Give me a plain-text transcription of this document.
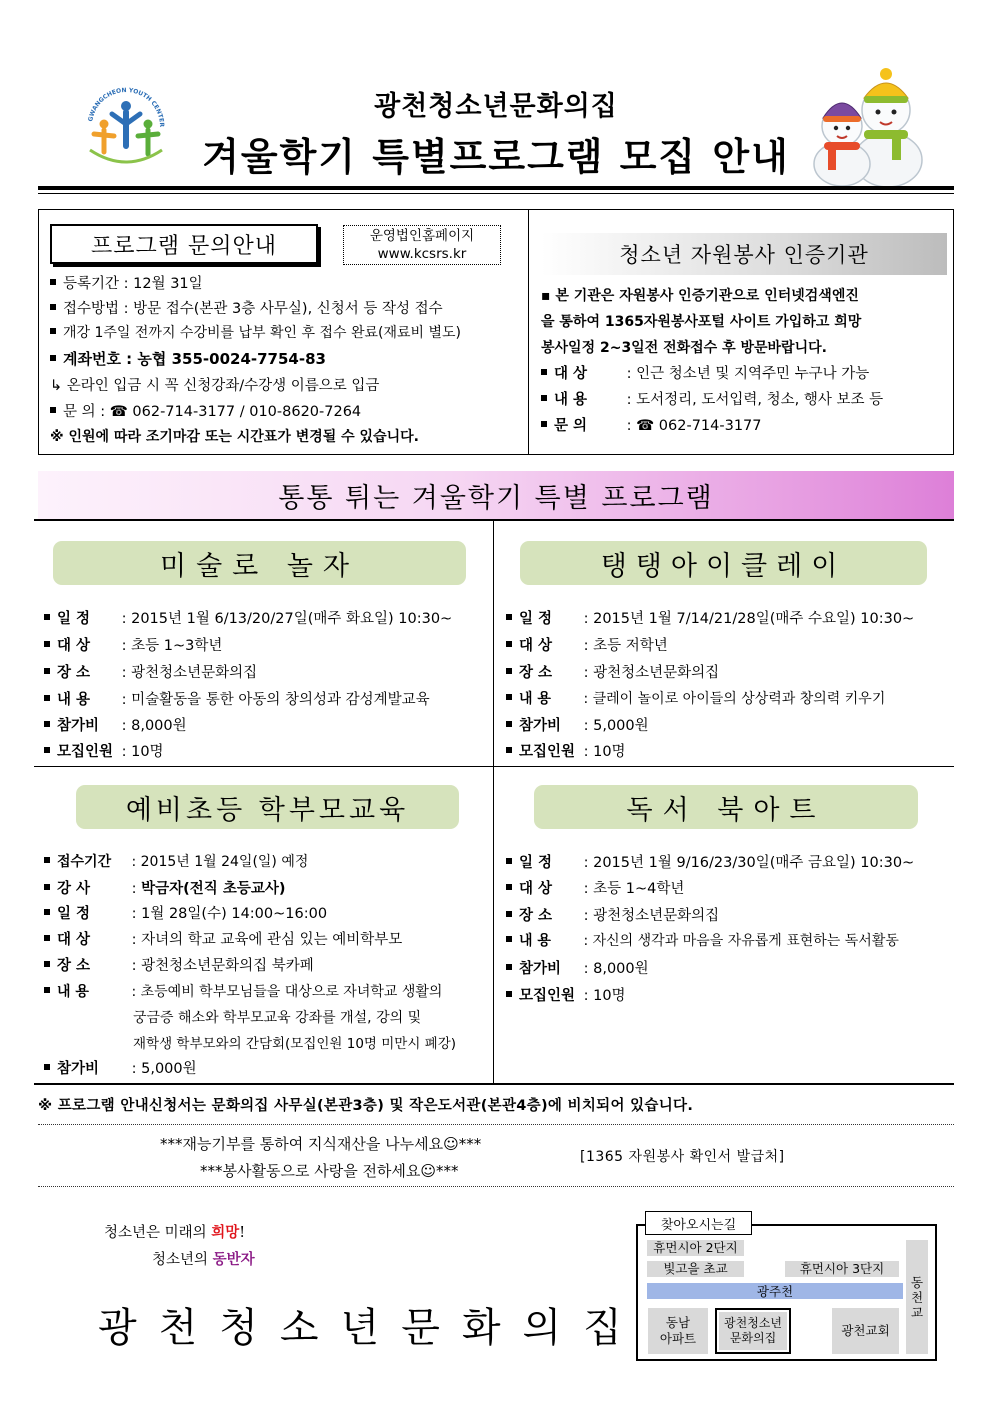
GWANGCHEON YOUTH CENTER
광천청소년문화의집
겨울학기 특별프로그램 모집 안내
프로그램 문의안내	운영법인홈페이지
www.kcsrs.kr
등록기간 : 12월 31일
접수방법 : 방문 접수(본관 3층 사무실), 신청서 등 작성 접수
개강 1주일 전까지 수강비를 납부 확인 후 접수 완료(재료비 별도)
계좌번호 : 농협 355-0024-7754-83
↳ 온라인 입금 시 꼭 신청강좌/수강생 이름으로 입금
문 의 : ☎ 062-714-3177 / 010-8620-7264
※ 인원에 따라 조기마감 또는 시간표가 변경될 수 있습니다.
청소년 자원봉사 인증기관
▪ 본 기관은 자원봉사 인증기관으로 인터넷검색엔진
을 통하여 1365자원봉사포털 사이트 가입하고 희망
봉사일정 2~3일전 전화접수 후 방문바랍니다.
대 상 : 인근 청소년 및 지역주민 누구나 가능
내 용 : 도서정리, 도서입력, 청소, 행사 보조 등
문 의 : ☎ 062-714-3177
통통 튀는 겨울학기 특별 프로그램
미술로 놀자	탱탱아이클레이
예비초등 학부모교육	독서 북아트
일 정 : 2015년 1월 6/13/20/27일(매주 화요일) 10:30~
대 상 : 초등 1~3학년
장 소 : 광천청소년문화의집
내 용 : 미술활동을 통한 아동의 창의성과 감성계발교육
참가비 : 8,000원
모집인원 : 10명
일 정 : 2015년 1월 7/14/21/28일(매주 수요일) 10:30~
대 상 : 초등 저학년
장 소 : 광천청소년문화의집
내 용 : 클레이 놀이로 아이들의 상상력과 창의력 키우기
참가비 : 5,000원
모집인원 : 10명
접수기간 : 2015년 1월 24일(일) 예정
강 사	: 박금자(전직 초등교사)
일 정	: 1월 28일(수) 14:00~16:00
대 상	: 자녀의 학교 교육에 관심 있는 예비학부모
장 소	: 광천청소년문화의집 북카페
내 용	: 초등예비 학부모님들을 대상으로 자녀학교 생활의
궁금증 해소와 학부모교육 강좌를 개설, 강의 및
재학생 학부모와의 간담회(모집인원 10명 미만시 폐강)
참가비 : 5,000원
일 정 : 2015년 1월 9/16/23/30일(매주 금요일) 10:30~
대 상 : 초등 1~4학년
장 소 : 광천청소년문화의집
내 용 : 자신의 생각과 마음을 자유롭게 표현하는 독서활동
참가비 : 8,000원
모집인원 : 10명
※ 프로그램 안내신청서는 문화의집 사무실(본관3층) 및 작은도서관(본관4층)에 비치되어 있습니다.
***재능기부를 통하여 지식재산을 나누세요☺***
***봉사활동으로 사랑을 전하세요☺***
[1365 자원봉사 확인서 발급처]
청소년은 미래의 희망!
청소년의 동반자
광천청소년문화의집
찾아오시는길
휴먼시아 2단지
빛고을 초교	휴먼시아 3단지
광주천
동
천
교
동남
아파트
광천청소년
문화의집	광천교회
